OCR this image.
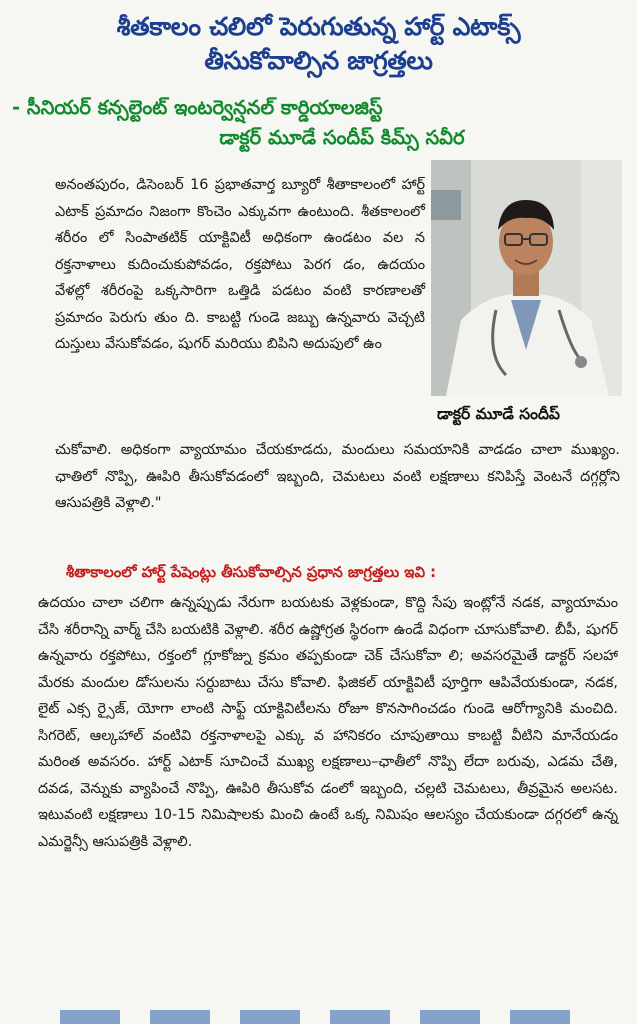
శీతకాలం చలిలో పెరుగుతున్న హార్ట్ ఎటాక్స్
తీసుకోవాల్సిన జాగ్రత్తలు
- సీనియర్ కన్సల్టెంట్ ఇంటర్వెన్షనల్ కార్డియాలజిస్ట్
డాక్టర్ మూడే సందీప్ కిమ్స్ సవీర
అనంతపురం, డిసెంబర్ 16 ప్రభాతవార్త బ్యూరో శీతాకాలంలో హార్ట్ ఎటాక్ ప్రమాదం నిజంగా కొంచెం ఎక్కువగా ఉంటుంది. శీతకాలంలో శరీరం లో సింపాతటిక్ యాక్టివిటీ అధికంగా ఉండటం వల న రక్తనాళాలు కుదించుకుపోవడం, రక్తపోటు పెరగ డం, ఉదయం వేళల్లో శరీరంపై ఒక్కసారిగా ఒత్తిడి పడటం వంటి కారణాలతో ప్రమాదం పెరుగు తుం ది. కాబట్టి గుండె జబ్బు ఉన్నవారు వెచ్చటి దుస్తులు వేసుకోవడం, షుగర్ మరియు బిపిని అదుపులో ఉం
డాక్టర్ మూడే సందీప్
చుకోవాలి. అధికంగా వ్యాయామం చేయకూడదు, మందులు సమయానికి వాడడం చాలా ముఖ్యం. ఛాతిలో నొప్పి, ఊపిరి తీసుకోవడంలో ఇబ్బంది, చెమటలు వంటి లక్షణాలు కనిపిస్తే వెంటనే దగ్గర్లోని ఆసుపత్రికి వెళ్లాలి."
శీతాకాలంలో హార్ట్ పేషెంట్లు తీసుకోవాల్సిన ప్రధాన జాగ్రత్తలు ఇవి :
ఉదయం చాలా చలిగా ఉన్నప్పుడు నేరుగా బయటకు వెళ్లకుండా, కొద్ది సేపు ఇంట్లోనే నడక, వ్యాయామం చేసి శరీరాన్ని వార్మ్ చేసి బయటికి వెళ్లాలి. శరీర ఉష్ణోగ్రత స్థిరంగా ఉండే విధంగా చూసుకోవాలి. బీపీ, షుగర్ ఉన్నవారు రక్తపోటు, రక్తంలో గ్లూకోజ్ను క్రమం తప్పకుండా చెక్ చేసుకోవా లి; అవసరమైతే డాక్టర్ సలహా మేరకు మందుల డోసులను సర్దుబాటు చేసు కోవాలి. ఫిజికల్ యాక్టివిటీ పూర్తిగా ఆపివేయకుండా, నడక, లైట్ ఎక్స ర్సైజ్, యోగా లాంటి సాఫ్ట్ యాక్టివిటీలను రోజూ కొనసాగించడం గుండె ఆరోగ్యానికి మంచిది. సిగరెట్, ఆల్కహాల్ వంటివి రక్తనాళాలపై ఎక్కు వ హానికరం చూపుతాయి కాబట్టి వీటిని మానేయడం మరింత అవసరం. హార్ట్ ఎటాక్ సూచించే ముఖ్య లక్షణాలు–ఛాతీలో నొప్పి లేదా బరువు, ఎడమ చేతి, దవడ, వెన్నుకు వ్యాపించే నొప్పి, ఊపిరి తీసుకోవ డంలో ఇబ్బంది, చల్లటి చెమటలు, తీవ్రమైన అలసట. ఇటువంటి లక్షణాలు 10-15 నిమిషాలకు మించి ఉంటే ఒక్క నిమిషం ఆలస్యం చేయకుండా దగ్గరలో ఉన్న ఎమర్జెన్సీ ఆసుపత్రికి వెళ్లాలి.
